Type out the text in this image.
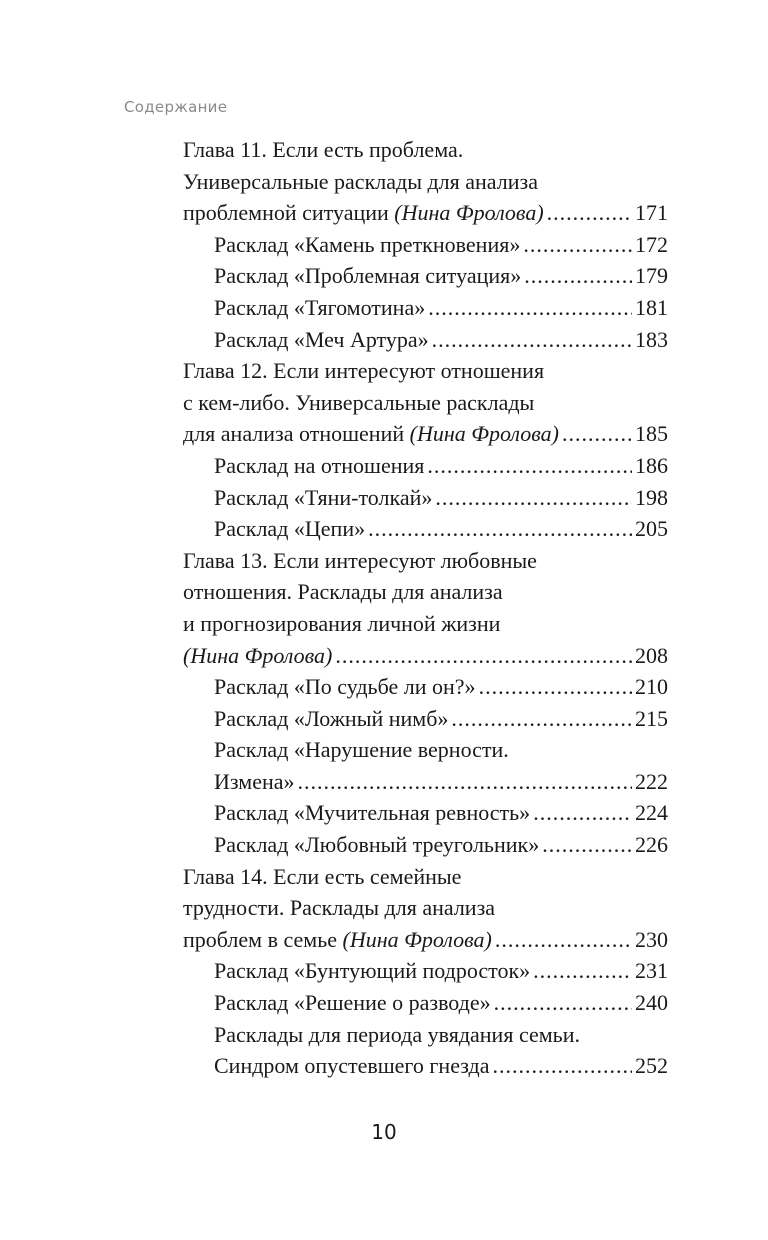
Содержание
Глава 11. Если есть проблема.
Универсальные расклады для анализа
проблемной ситуации
(Нина Фролова) .....	171
Расклад «Камень преткновения» .....	172
Расклад «Проблемная ситуация» .....	179
Расклад «Тягомотина» .....	181
Расклад «Меч Артура» .....	183
Глава 12. Если интересуют отношения
с кем-либо. Универсальные расклады
для анализа отношений
(Нина Фролова) .....	185
Расклад на отношения .....	186
Расклад «Тяни-толкай» .....	198
Расклад «Цепи» .....	205
Глава 13. Если интересуют любовные
отношения. Расклады для анализа
и прогнозирования личной жизни
(Нина Фролова) .....	208
Расклад «По судьбе ли он?» .....	210
Расклад «Ложный нимб» .....	215
Расклад «Нарушение верности.
Измена» .....	222
Расклад «Мучительная ревность» .....	224
Расклад «Любовный треугольник» .....	226
Глава 14. Если есть семейные
трудности. Расклады для анализа
проблем в семье
(Нина Фролова) .....	230
Расклад «Бунтующий подросток» .....	231
Расклад «Решение о разводе» .....	240
Расклады для периода увядания семьи.
Синдром опустевшего гнезда .....	252
10
